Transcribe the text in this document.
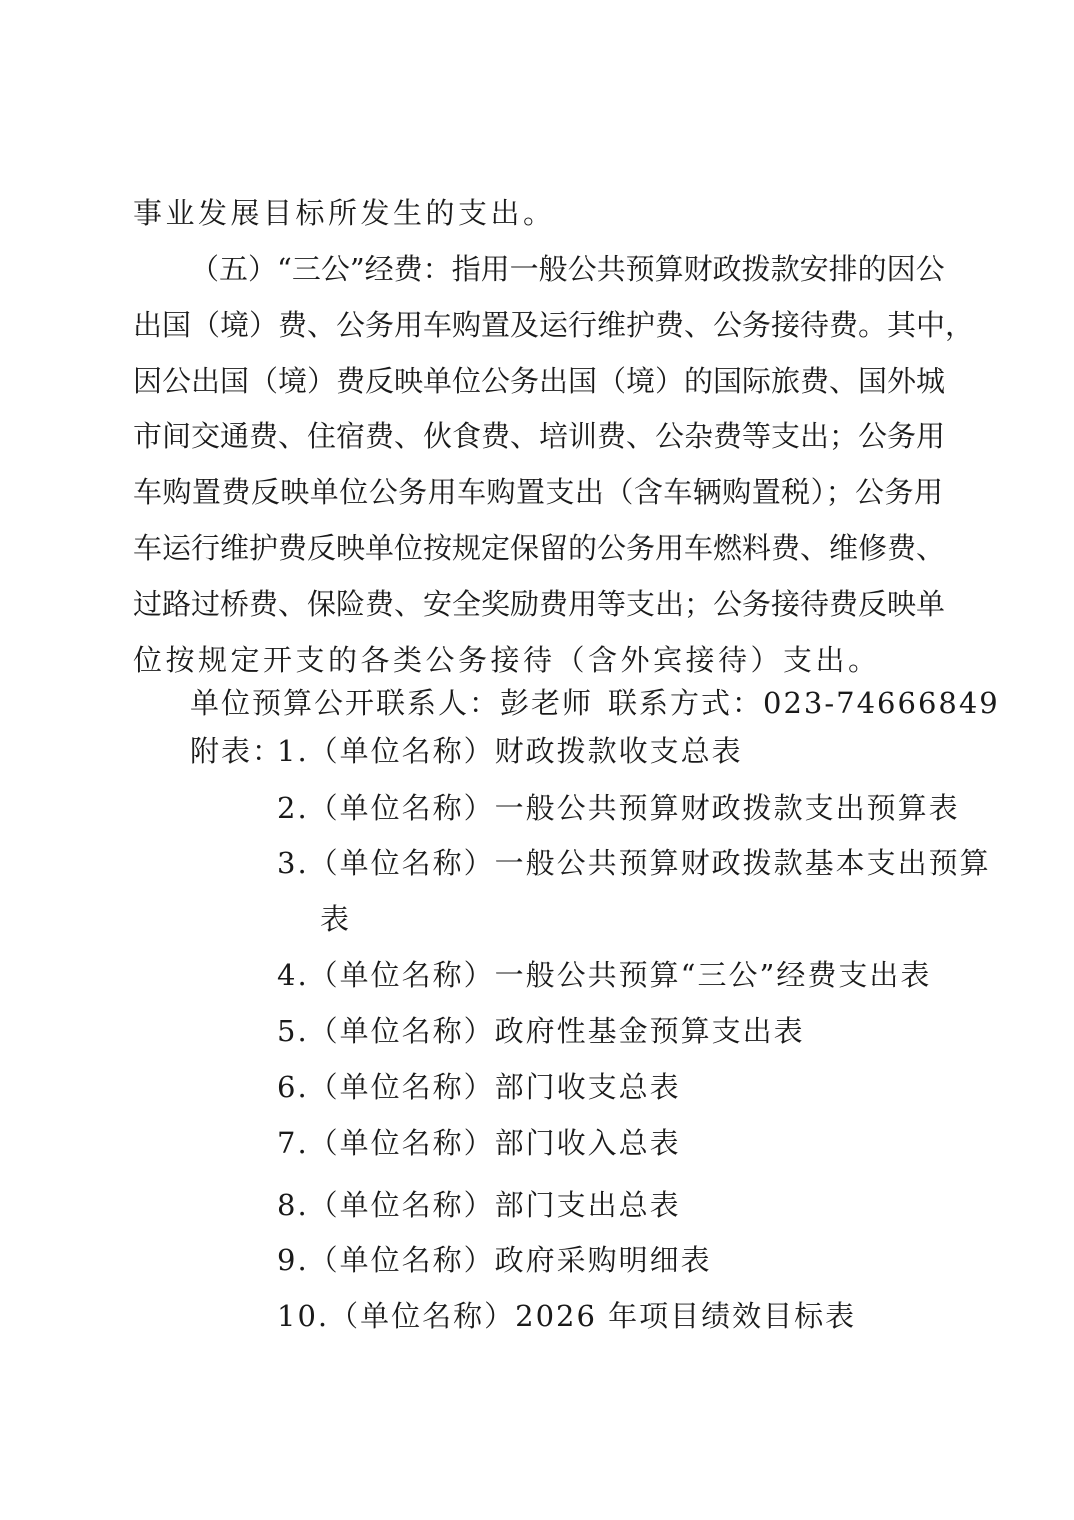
事业发展目标所发生的支出。
（五）“三公”经费：指用一般公共预算财政拨款安排的因公
出国（境）费、公务用车购置及运行维护费、公务接待费。其中，
因公出国（境）费反映单位公务出国（境）的国际旅费、国外城
市间交通费、住宿费、伙食费、培训费、公杂费等支出；公务用
车购置费反映单位公务用车购置支出（含车辆购置税）；公务用
车运行维护费反映单位按规定保留的公务用车燃料费、维修费、
过路过桥费、保险费、安全奖励费用等支出；公务接待费反映单
位按规定开支的各类公务接待（含外宾接待）支出。
单位预算公开联系人：彭老师 联系方式：023-74666849
附表：
1.（单位名称）财政拨款收支总表
2.（单位名称）一般公共预算财政拨款支出预算表
3.（单位名称）一般公共预算财政拨款基本支出预算
表
4.（单位名称）一般公共预算“三公”经费支出表
5.（单位名称）政府性基金预算支出表
6.（单位名称）部门收支总表
7.（单位名称）部门收入总表
8.（单位名称）部门支出总表
9.（单位名称）政府采购明细表
10.（单位名称）2026 年项目绩效目标表
